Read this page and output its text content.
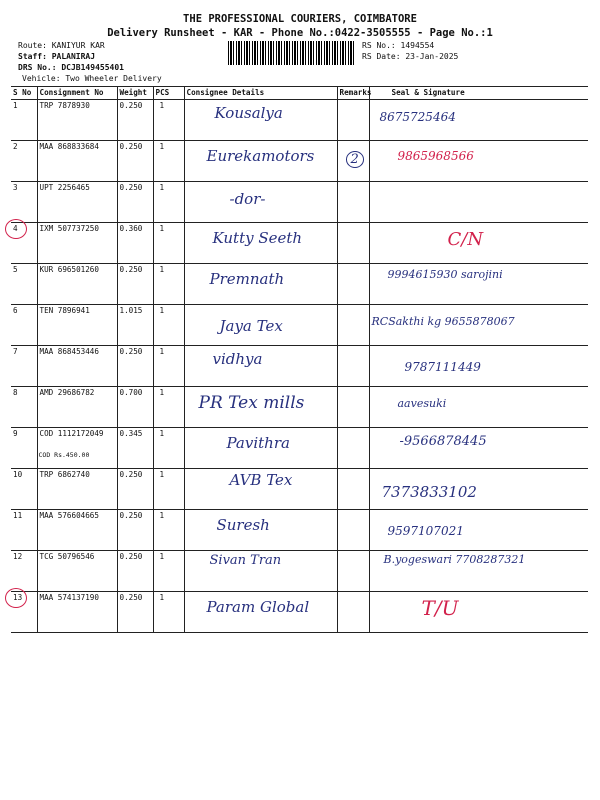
THE PROFESSIONAL COURIERS, COIMBATORE
Delivery Runsheet - KAR - Phone No.:0422-3505555 - Page No.:1
Route: KANIYUR KAR
Staff: PALANIRAJ
DRS No.: DCJB149455401
Vehicle: Two Wheeler Delivery
RS No.: 1494554
RS Date: 23-Jan-2025
S No	Consignment No	Weight	PCS	Consignee Details	Remarks	Seal & Signature
1	TRP 7878930	0.250	1	Kousalya		8675725464

2	MAA 868833684	0.250	1	Eurekamotors	2	9865968566

3	UPT 2256465	0.250	1	-dor-		

4	IXM 507737250	0.360	1	Kutty Seeth		C/N

5	KUR 696501260	0.250	1	Premnath		9994615930 sarojini

6	TEN 7896941	1.015	1	Jaya Tex		RCSakthi kg 9655878067

7	MAA 868453446	0.250	1	vidhya		9787111449

8	AMD 29686782	0.700	1	PR Tex mills		aavesuki

9	COD 1112172049
COD Rs.450.00	0.345	1	Pavithra		-9566878445

10	TRP 6862740	0.250	1	AVB Tex		7373833102

11	MAA 576604665	0.250	1	Suresh		9597107021

12	TCG 50796546	0.250	1	Sivan Tran		B.yogeswari 7708287321

13	MAA 574137190	0.250	1	Param Global		T/U
